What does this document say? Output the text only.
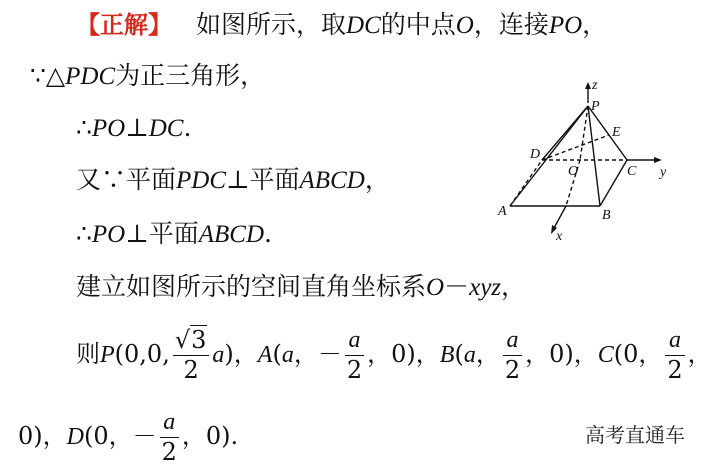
【正解】 如图所示，取DC的中点O，连接PO，
∵△PDC为正三角形，
∴PO⊥DC.
又∵平面PDC⊥平面ABCD，
∴PO⊥平面ABCD.
建立如图所示的空间直角坐标系O－xyz，
则P(0,0, $\frac{√3}{2} a$)，A(a，－ $\frac{a}{2}$ ，0)，B(a， $\frac{a}{2}$ ，0)，C(0， $\frac{a}{2}$ ，
0)，D(0，－ $\frac{a}{2}$ ，0).	高考直通车
z
P
E
D
O	C y
A	B
x
